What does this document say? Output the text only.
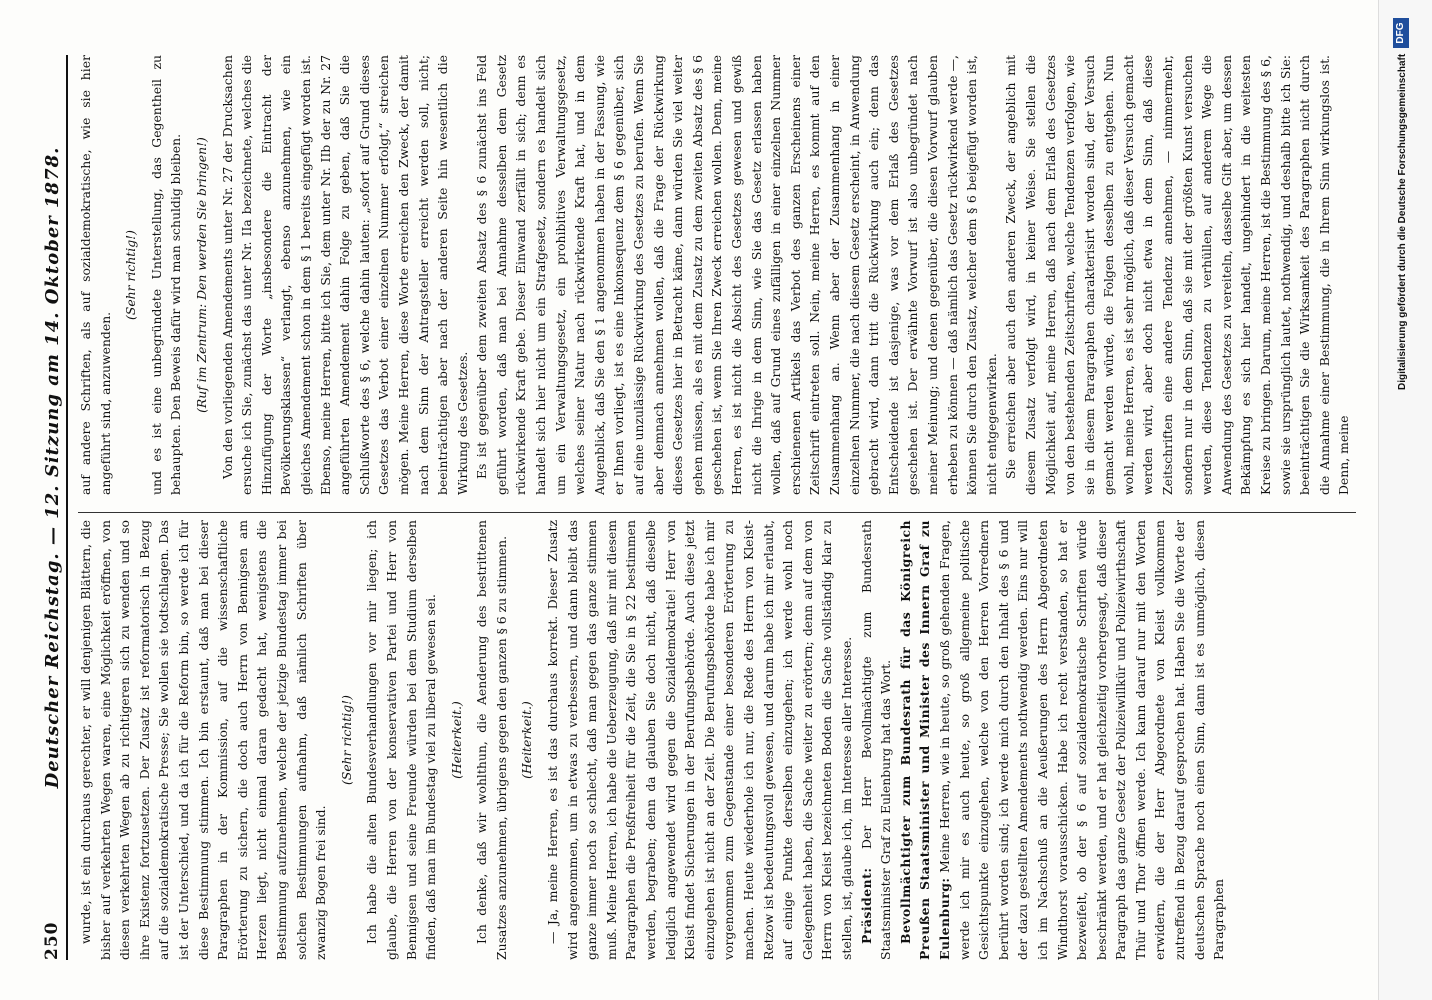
250
Deutscher Reichstag. — 12. Sitzung am 14. Oktober 1878. wurde, ist ein durchaus gerechter, er will denjenigen Blättern, die bisher auf verkehrten Wegen waren, eine Möglichkeit eröffnen, von diesen verkehrten Wegen ab zu richtigeren sich zu wenden und so ihre Existenz fortzusetzen. Der Zusatz ist reformatorisch in Bezug auf die sozialdemokratische Presse; Sie wollen sie todtschlagen. Das ist der Unterschied, und da ich für die Reform bin, so werde ich für diese Bestimmung stimmen. Ich bin erstaunt, daß man bei dieser Paragraphen in der Kommission, auf die wissenschaftliche Erörterung zu sichern, die doch auch Herrn von Bennigsen am Herzen liegt, nicht einmal daran gedacht hat, wenigstens die Bestimmung aufzunehmen, welche der jetzige Bundestag immer bei solchen Bestimmungen aufnahm, daß nämlich Schriften über zwanzig Bogen frei sind.

(Sehr richtig!) Ich habe die alten Bundesverhandlungen vor mir liegen; ich glaube, die Herren von der konservativen Partei und Herr von Bennigsen und seine Freunde würden bei dem Studium derselben finden, daß man im Bundestag viel zu liberal gewesen sei. (Heiterkeit.) Ich denke, daß wir wohlthun, die Aenderung des bestrittenen Zusatzes anzunehmen, übrigens gegen den ganzen § 6 zu stimmen. (Heiterkeit.) — Ja, meine Herren, es ist das durchaus korrekt. Dieser Zusatz wird angenommen, um in etwas zu verbessern, und dann bleibt das ganze immer noch so schlecht, daß man gegen das ganze stimmen muß. Meine Herren, ich habe die Ueberzeugung, daß mir mit diesem Paragraphen die Preßfreiheit für die Zeit, die Sie in § 22 bestimmen werden, begraben; denn da glauben Sie doch nicht, daß dieselbe lediglich angewendet wird gegen die Sozialdemokratie! Herr von Kleist findet Sicherungen in der Berufungsbehörde. Auch diese jetzt einzugehen ist nicht an der Zeit. Die Berufungsbehörde habe ich mir vorgenommen zum Gegenstande einer besonderen Erörterung zu machen. Heute wiederhole ich nur, die Rede des Herrn von Kleist-Retzow ist bedeutungsvoll gewesen, und darum habe ich mir erlaubt, auf einige Punkte derselben einzugehen; ich werde wohl noch Gelegenheit haben, die Sache weiter zu erörtern; denn auf dem von Herrn von Kleist bezeichneten Boden die Sache vollständig klar zu stellen, ist, glaube ich, im Interesse aller Interesse. Präsident: Der Herr Bevollmächtigte zum Bundesrath Staatsminister Graf zu Eulenburg hat das Wort. Bevollmächtigter zum Bundesrath für das Königreich Preußen Staatsminister und Minister des Innern Graf zu Eulenburg: Meine Herren, wie in heute, so groß gehenden Fragen, werde ich mir es auch heute, so groß allgemeine politische Gesichtspunkte einzugehen, welche von den Herren Vorrednern berührt worden sind; ich werde mich durch den Inhalt des § 6 und der dazu gestellten Amendements nothwendig werden. Eins nur will ich im Nachschuß an die Aeußerungen des Herrn Abgeordneten Windthorst vorausschicken. Habe ich recht verstanden, so hat er bezweifelt, ob der § 6 auf sozialdemokratische Schriften würde beschränkt werden, und er hat gleichzeitig vorhergesagt, daß dieser Paragraph das ganze Gesetz der Polizeiwillkür und Polizeiwirthschaft Thür und Thor öffnen werde. Ich kann darauf nur mit den Worten erwidern, die der Herr Abgeordnete von Kleist vollkommen zutreffend in Bezug darauf gesprochen hat. Haben Sie die Worte der deutschen Sprache noch einen Sinn, dann ist es unmöglich, diesen Paragraphen

auf andere Schriften, als auf sozialdemokratische, wie sie hier angeführt sind, anzuwenden.

(Sehr richtig!) und es ist eine unbegründete Unterstellung, das Gegentheil zu behaupten. Den Beweis dafür wird man schuldig bleiben. (Ruf im Zentrum: Den werden Sie bringen!) Von den vorliegenden Amendements unter Nr. 27 der Drucksachen ersuche ich Sie, zunächst das unter Nr. IIa bezeichnete, welches die Hinzufügung der Worte „insbesondere die Eintracht der Bevölkerungsklassen“ verlangt, ebenso anzunehmen, wie ein gleiches Amendement schon in dem § 1 bereits eingefügt worden ist. Ebenso, meine Herren, bitte ich Sie, dem unter Nr. IIb der zu Nr. 27 angeführten Amendement dahin Folge zu geben, daß Sie die Schlußworte des § 6, welche dahin lauten: „sofort auf Grund dieses Gesetzes das Verbot einer einzelnen Nummer erfolgt,“ streichen mögen. Meine Herren, diese Worte erreichen den Zweck, der damit nach dem Sinn der Antragsteller erreicht werden soll, nicht; beeinträchtigen aber nach der anderen Seite hin wesentlich die Wirkung des Gesetzes. Es ist gegenüber dem zweiten Absatz des § 6 zunächst ins Feld geführt worden, daß man bei Annahme desselben dem Gesetz rückwirkende Kraft gebe. Dieser Einwand zerfällt in sich; denn es handelt sich hier nicht um ein Strafgesetz, sondern es handelt sich um ein Verwaltungsgesetz, ein prohibitives Verwaltungsgesetz, welches seiner Natur nach rückwirkende Kraft hat, und in dem Augenblick, daß Sie den § 1 angenommen haben in der Fassung, wie er Ihnen vorliegt, ist es eine Inkonsequenz dem § 6 gegenüber, sich auf eine unzulässige Rückwirkung des Gesetzes zu berufen. Wenn Sie aber demnach annehmen wollen, daß die Frage der Rückwirkung dieses Gesetzes hier in Betracht käme, dann würden Sie viel weiter gehen müssen, als es mit dem Zusatz zu dem zweiten Absatz des § 6 geschehen ist, wenn Sie Ihren Zweck erreichen wollen. Denn, meine Herren, es ist nicht die Absicht des Gesetzes gewesen und gewiß nicht die Ihrige in dem Sinn, wie Sie das Gesetz erlassen haben wollen, daß auf Grund eines zufälligen in einer einzelnen Nummer erschienenen Artikels das Verbot des ganzen Erscheinens einer Zeitschrift eintreten soll. Nein, meine Herren, es kommt auf den Zusammenhang an. Wenn aber der Zusammenhang in einer einzelnen Nummer, die nach diesem Gesetz erscheint, in Anwendung gebracht wird, dann tritt die Rückwirkung auch ein; denn das Entscheidende ist dasjenige, was vor dem Erlaß des Gesetzes geschehen ist. Der erwähnte Vorwurf ist also unbegründet nach meiner Meinung; und denen gegenüber, die diesen Vorwurf glauben erheben zu können — daß nämlich das Gesetz rückwirkend werde —, können Sie durch den Zusatz, welcher dem § 6 beigefügt worden ist, nicht entgegenwirken. Sie erreichen aber auch den anderen Zweck, der angeblich mit diesem Zusatz verfolgt wird, in keiner Weise. Sie stellen die Möglichkeit auf, meine Herren, daß nach dem Erlaß des Gesetzes von den bestehenden Zeitschriften, welche Tendenzen verfolgen, wie sie in diesem Paragraphen charakterisirt worden sind, der Versuch gemacht werden würde, die Folgen desselben zu entgehen. Nun wohl, meine Herren, es ist sehr möglich, daß dieser Versuch gemacht werden wird, aber doch nicht etwa in dem Sinn, daß diese Zeitschriften eine andere Tendenz annehmen, — nimmermehr, sondern nur in dem Sinn, daß sie mit der größten Kunst versuchen werden, diese Tendenzen zu verhüllen, auf anderem Wege die Anwendung des Gesetzes zu vereiteln, dasselbe Gift aber, um dessen Bekämpfung es sich hier handelt, ungehindert in die weitesten Kreise zu bringen. Darum, meine Herren, ist die Bestimmung des § 6, sowie sie ursprünglich lautet, nothwendig, und deshalb bitte ich Sie: beeinträchtigen Sie die Wirksamkeit des Paragraphen nicht durch die Annahme einer Bestimmung, die in Ihrem Sinn wirkungslos ist. Denn, meine

Digitalisierung gefördert durch die Deutsche Forschungsgemeinschaft
DFG
